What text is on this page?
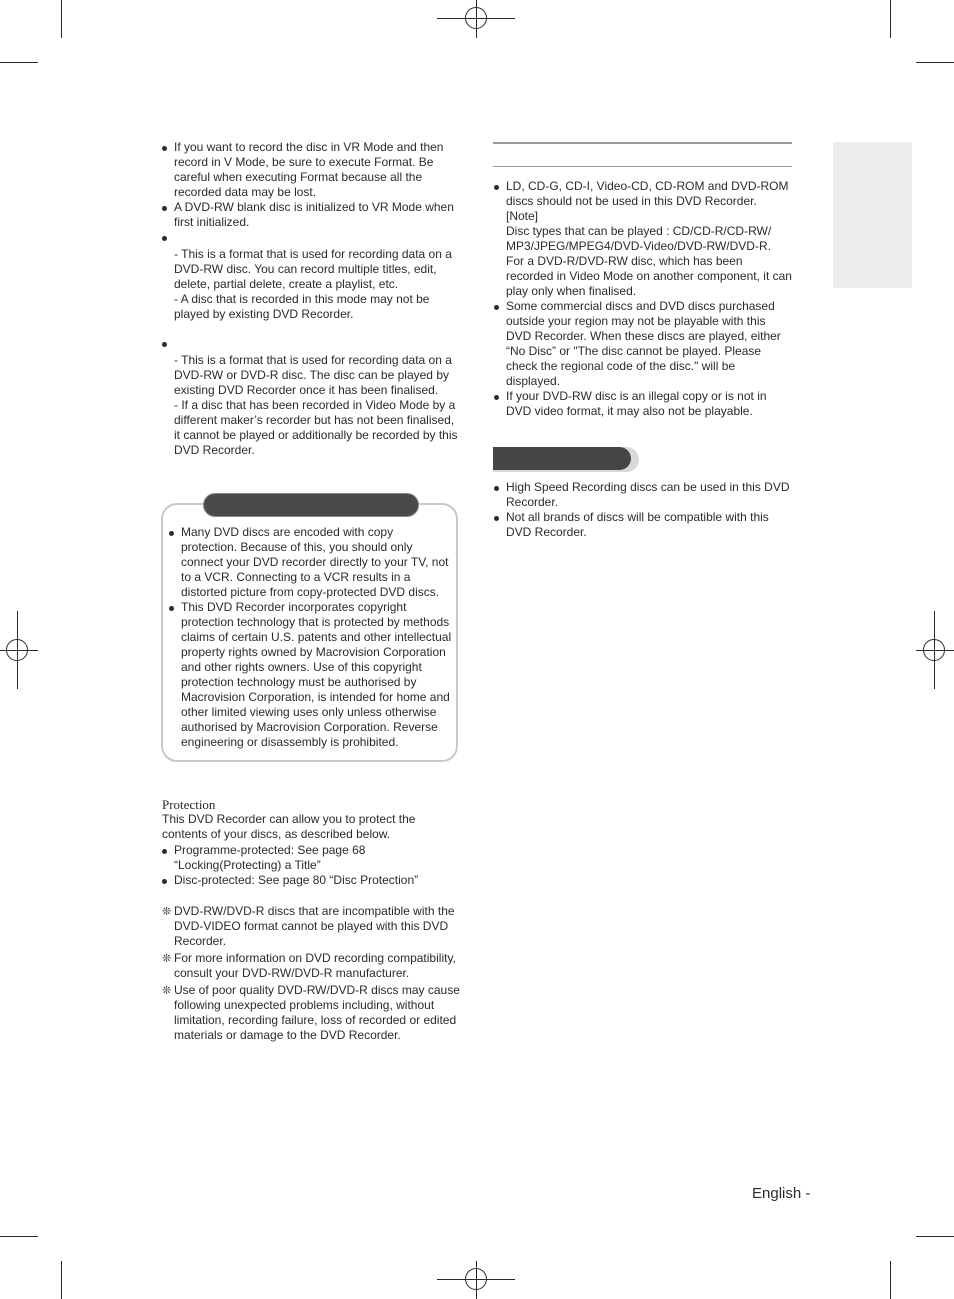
If you want to record the disc in VR Mode and then record in V Mode, be sure to execute Format. Be careful when executing Format because all the recorded data may be lost.
A DVD-RW blank disc is initialized to VR Mode when first initialized.

- This is a format that is used for recording data on a DVD-RW disc. You can record multiple titles, edit, delete, partial delete, create a playlist, etc.
- A disc that is recorded in this mode may not be played by existing DVD Recorder.

- This is a format that is used for recording data on a DVD-RW or DVD-R disc. The disc can be played by existing DVD Recorder once it has been finalised.
- If a disc that has been recorded in Video Mode by a different maker’s recorder but has not been finalised, it cannot be played or additionally be recorded by this DVD Recorder.
Many DVD discs are encoded with copy protection. Because of this, you should only connect your DVD recorder directly to your TV, not to a VCR. Connecting to a VCR results in a distorted picture from copy-protected DVD discs.
This DVD Recorder incorporates copyright protection technology that is protected by methods claims of certain U.S. patents and other intellectual property rights owned by Macrovision Corporation and other rights owners. Use of this copyright protection technology must be authorised by Macrovision Corporation, is intended for home and other limited viewing uses only unless otherwise authorised by Macrovision Corporation. Reverse engineering or disassembly is prohibited.
Protection
This DVD Recorder can allow you to protect the contents of your discs, as described below.
Programme-protected: See page 68 “Locking(Protecting) a Title”
Disc-protected: See page 80 “Disc Protection”
❊ DVD-RW/DVD-R discs that are incompatible with the DVD-VIDEO format cannot be played with this DVD Recorder.
❊ For more information on DVD recording compatibility, consult your DVD-RW/DVD-R manufacturer.
❊ Use of poor quality DVD-RW/DVD-R discs may cause following unexpected problems including, without limitation, recording failure, loss of recorded or edited materials or damage to the DVD Recorder.
LD, CD-G, CD-I, Video-CD, CD-ROM and DVD-ROM discs should not be used in this DVD Recorder.
[Note]
Disc types that can be played : CD/CD-R/CD-RW/ MP3/JPEG/MPEG4/DVD-Video/DVD-RW/DVD-R.
For a DVD-R/DVD-RW disc, which has been recorded in Video Mode on another component, it can play only when finalised.
Some commercial discs and DVD discs purchased outside your region may not be playable with this DVD Recorder. When these discs are played, either “No Disc” or "The disc cannot be played. Please check the regional code of the disc." will be displayed.
If your DVD-RW disc is an illegal copy or is not in DVD video format, it may also not be playable.
High Speed Recording discs can be used in this DVD Recorder.
Not all brands of discs will be compatible with this DVD Recorder.
English -
